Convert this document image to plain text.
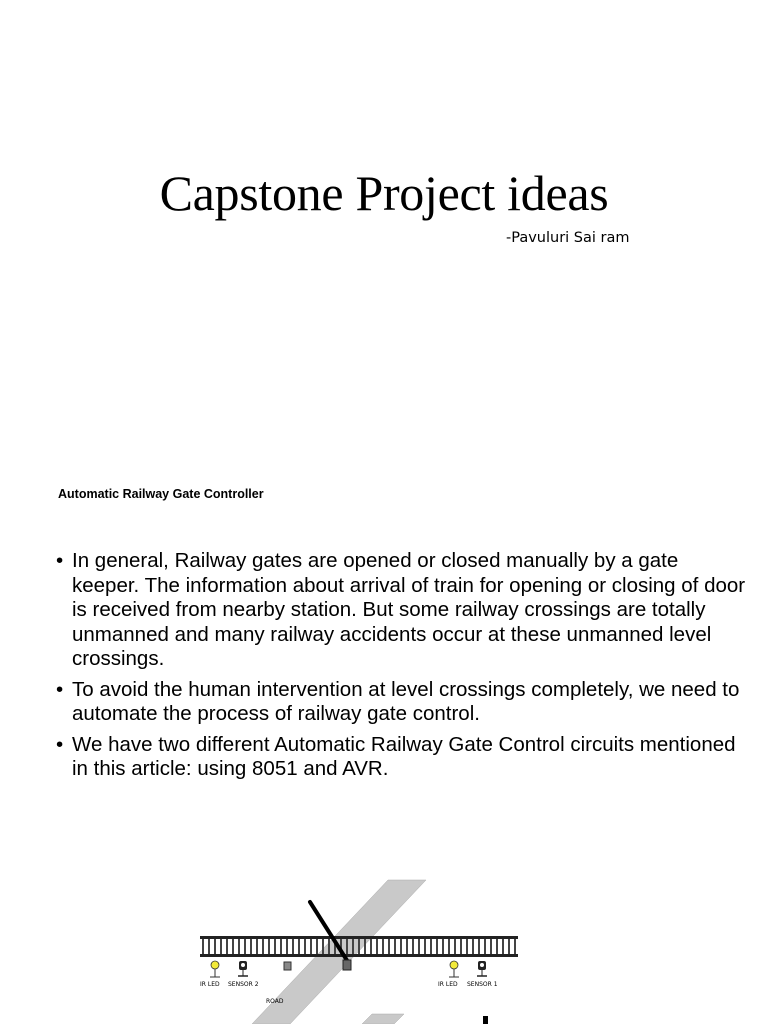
Capstone Project ideas
-Pavuluri Sai ram
Automatic Railway Gate Controller
• In general, Railway gates are opened or closed manually by a gate keeper. The information about arrival of train for opening or closing of door is received from nearby station. But some railway crossings are totally unmanned and many railway accidents occur at these unmanned level crossings.
• To avoid the human intervention at level crossings completely, we need to automate the process of railway gate control.
• We have two different Automatic Railway Gate Control circuits mentioned in this article: using 8051 and AVR.
IR LED SENSOR 2
ROAD
IR LED SENSOR 1
